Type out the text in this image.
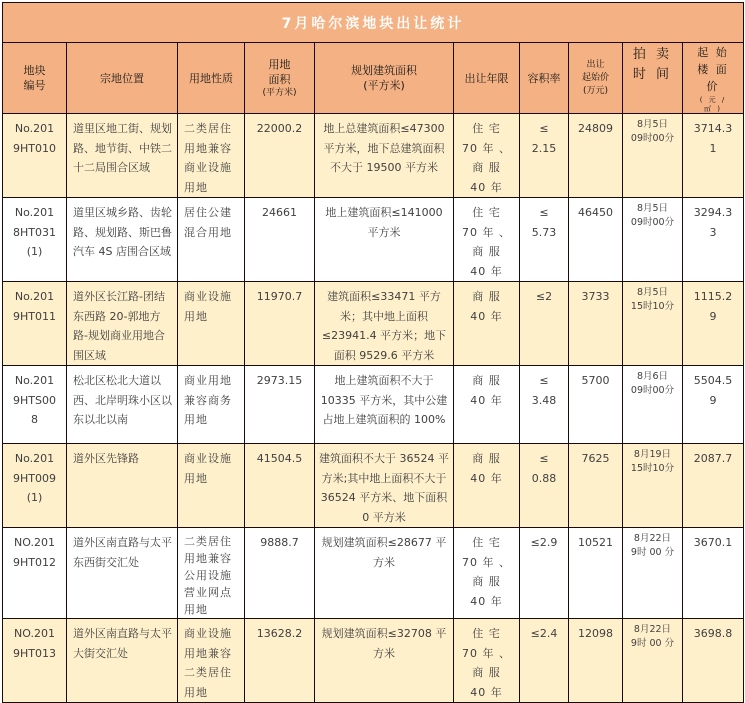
7月哈尔滨地块出让统计									

地块
编号	宗地位置	用地性质	用地
面积
(平方米)	规划建筑面积
(平方米)	出让年限	容积率	出让
起始价
(万元)	拍 卖
时 间	起 始
楼 面
价
( 元 /
㎡ )

No.201
9HT010	道里区地工街、规划路、地节街、中铁二十二局围合区域	二类居住用地兼容商业设施用地	22000.2	地上总建筑面积≤47300 平方米，地下总建筑面积不大于 19500 平方米	住 宅
70 年 、
商 服
40 年	≤
2.15	24809	8月5日
09时00分	3714.3
1

No.201
8HT031
(1)	道里区城乡路、齿轮路、规划路、斯巴鲁汽车 4S 店围合区域	居住公建混合用地	24661	地上建筑面积≤141000 平方米	住 宅
70 年 、
商 服
40 年	≤
5.73	46450	8月5日
09时00分	3294.3
3

No.201
9HT011	道外区长江路-团结东西路 20-郭地方路-规划商业用地合围区域	商业设施用地	11970.7	建筑面积≤33471 平方米；其中地上面积≤23941.4 平方米；地下面积 9529.6 平方米	商 服
40 年	≤2	3733	8月5日
15时10分	1115.2
9

No.201
9HTS00
8	松北区松北大道以西、北岸明珠小区以东以北以南	商业用地兼容商务用地	2973.15	地上建筑面积不大于 10335 平方米，其中公建占地上建筑面积的 100%	商 服
40 年	≤
3.48	5700	8月6日
09时00分	5504.5
9

No.201
9HT009
(1)	道外区先锋路	商业设施用地	41504.5	建筑面积不大于 36524 平方米;其中地上面积不大于 36524 平方米、地下面积 0 平方米	商 服
40 年	≤
0.88	7625	8月19日
15时10分	2087.7

NO.201
9HT012	道外区南直路与太平东西街交汇处	二类居住用地兼容公用设施营业网点用地	9888.7	规划建筑面积≤28677 平方米	住 宅
70 年 、
商 服
40 年	≤2.9	10521	8月22日
9时 00 分	3670.1

NO.201
9HT013	道外区南直路与太平大街交汇处	商业设施用地兼容二类居住用地	13628.2	规划建筑面积≤32708 平方米	住 宅
70 年 、
商 服
40 年	≤2.4	12098	8月22日
9时 00 分	3698.8
